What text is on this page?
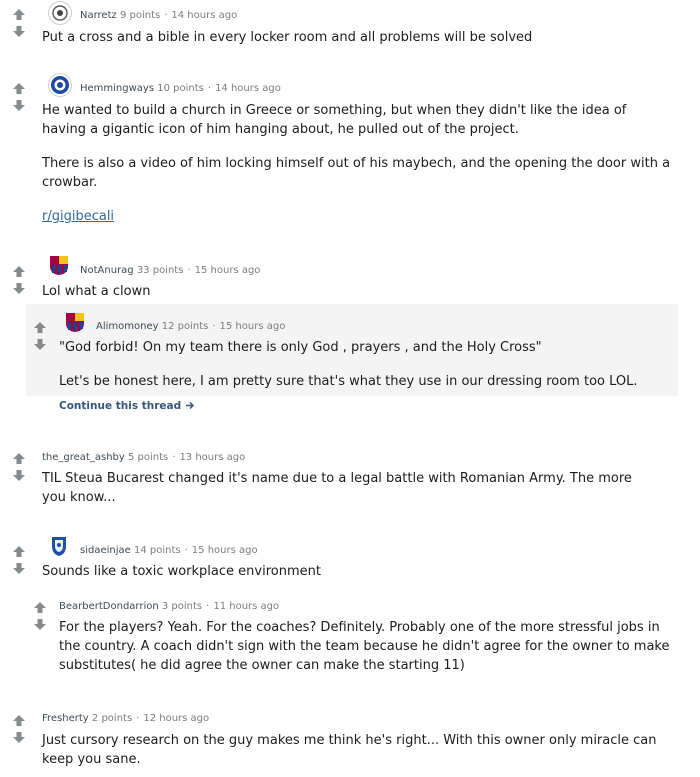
Narretz 9 points · 14 hours ago

Put a cross and a bible in every locker room and all problems will be solved

Hemmingways 10 points · 14 hours ago

He wanted to build a church in Greece or something, but when they didn't like the idea of having a gigantic icon of him hanging about, he pulled out of the project.

There is also a video of him locking himself out of his maybech, and the opening the door with a crowbar.

r/gigibecali

NotAnurag 33 points · 15 hours ago

Lol what a clown

Alimomoney 12 points · 15 hours ago

"God forbid! On my team there is only God , prayers , and the Holy Cross"

Let's be honest here, I am pretty sure that's what they use in our dressing room too LOL.

Continue this thread
the_great_ashby 5 points · 13 hours ago

TIL Steua Bucarest changed it's name due to a legal battle with Romanian Army. The more you know...

sidaeinjae 14 points · 15 hours ago

Sounds like a toxic workplace environment

BearbertDondarrion 3 points · 11 hours ago

For the players? Yeah. For the coaches? Definitely. Probably one of the more stressful jobs in the country. A coach didn't sign with the team because he didn't agree for the owner to make substitutes( he did agree the owner can make the starting 11)

Fresherty 2 points · 12 hours ago

Just cursory research on the guy makes me think he's right... With this owner only miracle can keep you sane.
